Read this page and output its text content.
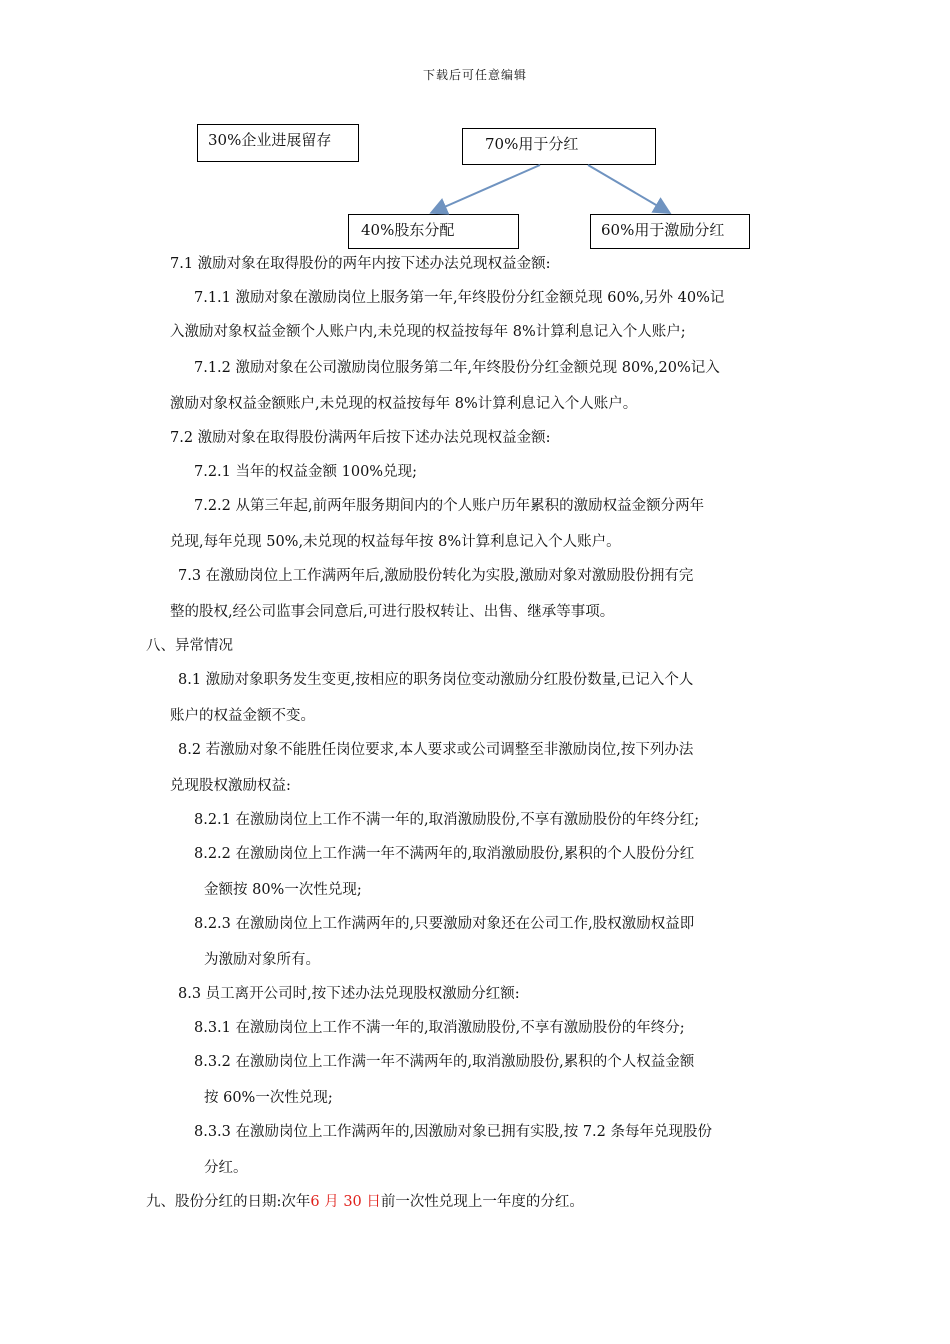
下载后可任意编辑
30%企业进展留存	70%用于分红
40%股东分配	60%用于激励分红
7.1 激励对象在取得股份的两年内按下述办法兑现权益金额:
7.1.1 激励对象在激励岗位上服务第一年,年终股份分红金额兑现 60%,另外 40%记
入激励对象权益金额个人账户内,未兑现的权益按每年 8%计算利息记入个人账户;
7.1.2 激励对象在公司激励岗位服务第二年,年终股份分红金额兑现 80%,20%记入
激励对象权益金额账户,未兑现的权益按每年 8%计算利息记入个人账户。
7.2 激励对象在取得股份满两年后按下述办法兑现权益金额:
7.2.1 当年的权益金额 100%兑现;
7.2.2 从第三年起,前两年服务期间内的个人账户历年累积的激励权益金额分两年
兑现,每年兑现 50%,未兑现的权益每年按 8%计算利息记入个人账户。
7.3 在激励岗位上工作满两年后,激励股份转化为实股,激励对象对激励股份拥有完
整的股权,经公司监事会同意后,可进行股权转让、出售、继承等事项。
八、异常情况
8.1 激励对象职务发生变更,按相应的职务岗位变动激励分红股份数量,已记入个人
账户的权益金额不变。
8.2 若激励对象不能胜任岗位要求,本人要求或公司调整至非激励岗位,按下列办法
兑现股权激励权益:
8.2.1 在激励岗位上工作不满一年的,取消激励股份,不享有激励股份的年终分红;
8.2.2 在激励岗位上工作满一年不满两年的,取消激励股份,累积的个人股份分红
金额按 80%一次性兑现;
8.2.3 在激励岗位上工作满两年的,只要激励对象还在公司工作,股权激励权益即
为激励对象所有。
8.3 员工离开公司时,按下述办法兑现股权激励分红额:
8.3.1 在激励岗位上工作不满一年的,取消激励股份,不享有激励股份的年终分;
8.3.2 在激励岗位上工作满一年不满两年的,取消激励股份,累积的个人权益金额
按 60%一次性兑现;
8.3.3 在激励岗位上工作满两年的,因激励对象已拥有实股,按 7.2 条每年兑现股份
分红。
九、股份分红的日期:次年6 月 30 日前一次性兑现上一年度的分红。
